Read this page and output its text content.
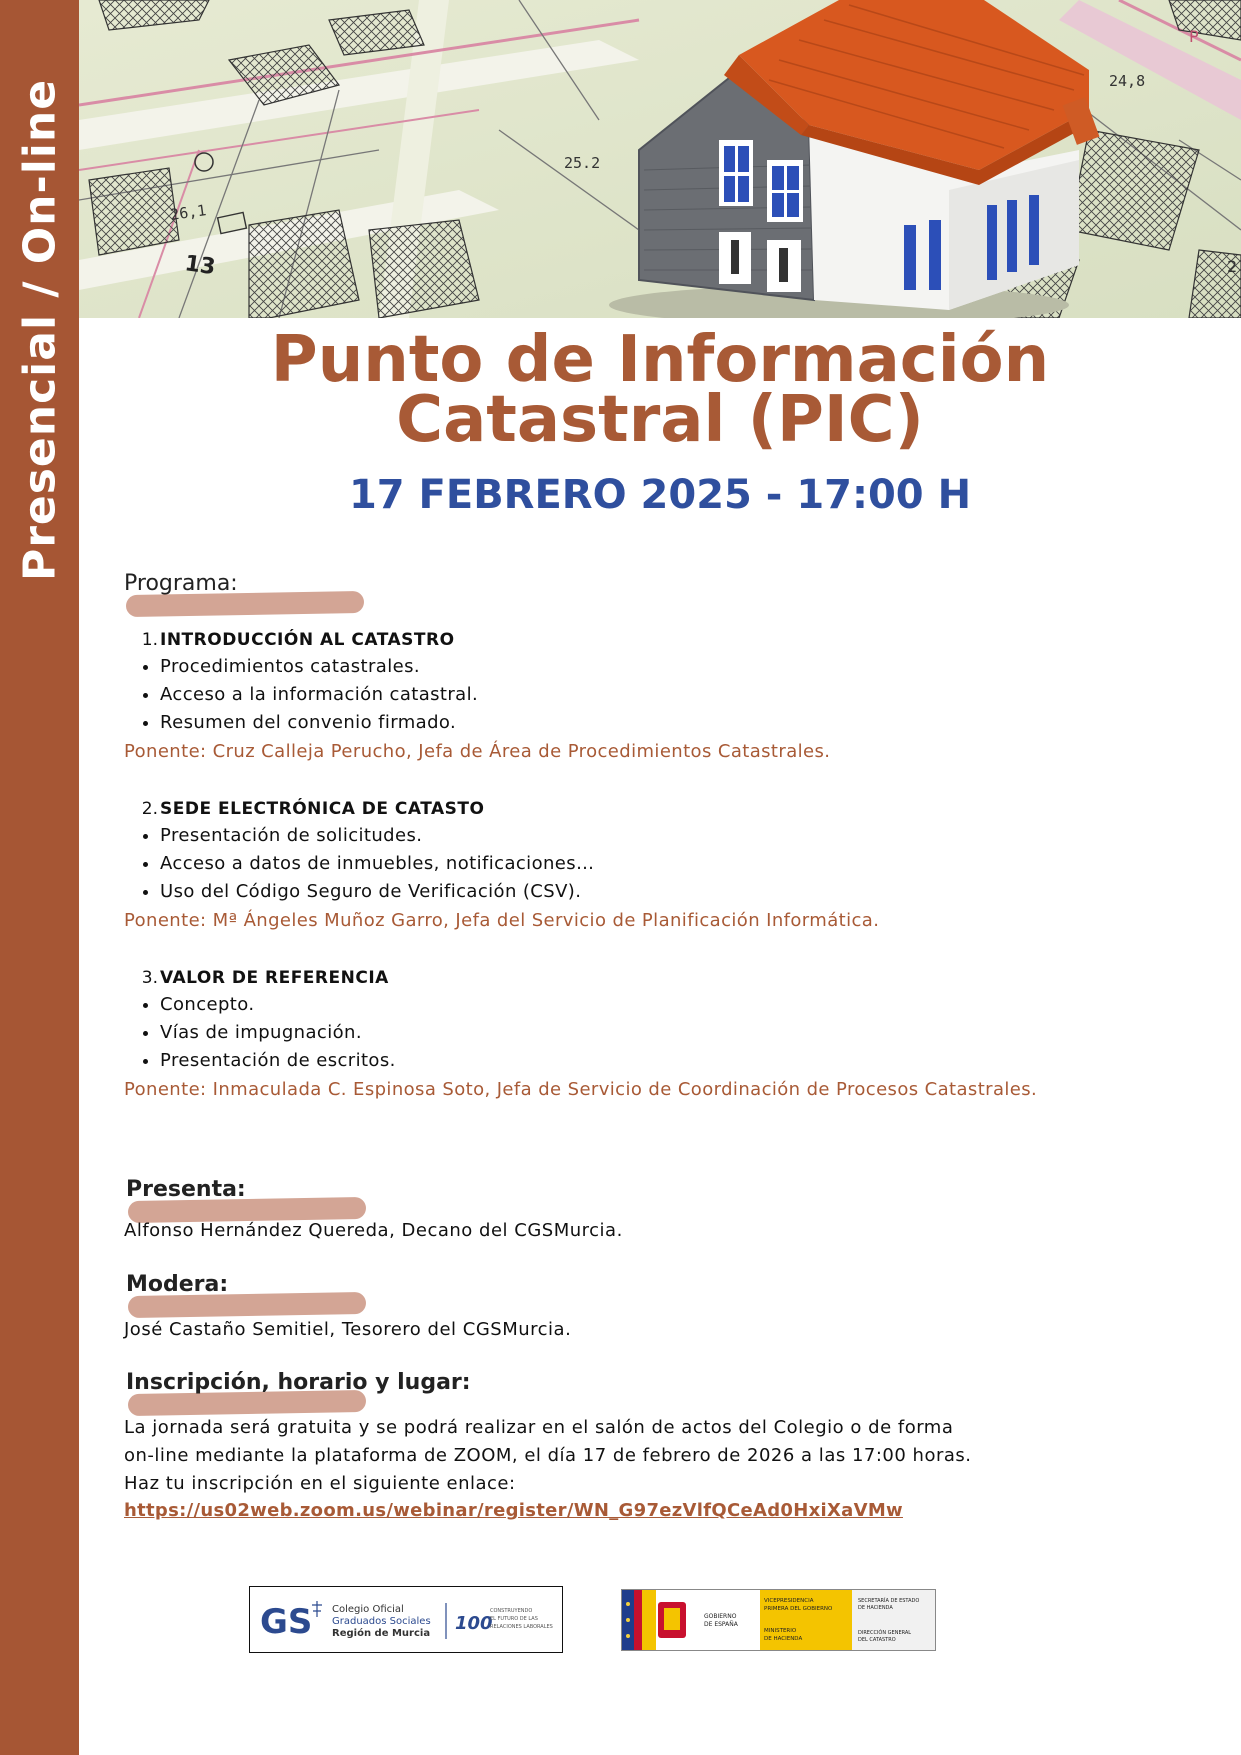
Presencial / On-line	25.2
26,1
13
24,8
P
2
Punto de Información
Catastral (PIC)
17 FEBRERO 2025 - 17:00 H
Programa:
1. INTRODUCCIÓN AL CATASTRO
• Procedimientos catastrales.
• Acceso a la información catastral.
• Resumen del convenio firmado.
Ponente: Cruz Calleja Perucho, Jefa de Área de Procedimientos Catastrales.
2. SEDE ELECTRÓNICA DE CATASTO
• Presentación de solicitudes.
• Acceso a datos de inmuebles, notificaciones…
• Uso del Código Seguro de Verificación (CSV).
Ponente: Mª Ángeles Muñoz Garro, Jefa del Servicio de Planificación Informática.
3. VALOR DE REFERENCIA
• Concepto.
• Vías de impugnación.
• Presentación de escritos.
Ponente: Inmaculada C. Espinosa Soto, Jefa de Servicio de Coordinación de Procesos Catastrales.
Presenta:
Alfonso Hernández Quereda, Decano del CGSMurcia.
Modera:
José Castaño Semitiel, Tesorero del CGSMurcia.
Inscripción, horario y lugar:
La jornada será gratuita y se podrá realizar en el salón de actos del Colegio o de forma
on-line mediante la plataforma de ZOOM, el día 17 de febrero de 2026 a las 17:00 horas.
Haz tu inscripción en el siguiente enlace:
https://us02web.zoom.us/webinar/register/WN_G97ezVlfQCeAd0HxiXaVMw
GS Colegio Oficial
Graduados Sociales
Región de Murcia 100
CONSTRUYENDO
EL FUTURO DE LAS
RELACIONES LABORALES
GOBIERNO
DE ESPAÑA
VICEPRESIDENCIA
PRIMERA DEL GOBIERNO
MINISTERIO
DE HACIENDA
SECRETARÍA DE ESTADO
DE HACIENDA
DIRECCIÓN GENERAL
DEL CATASTRO
